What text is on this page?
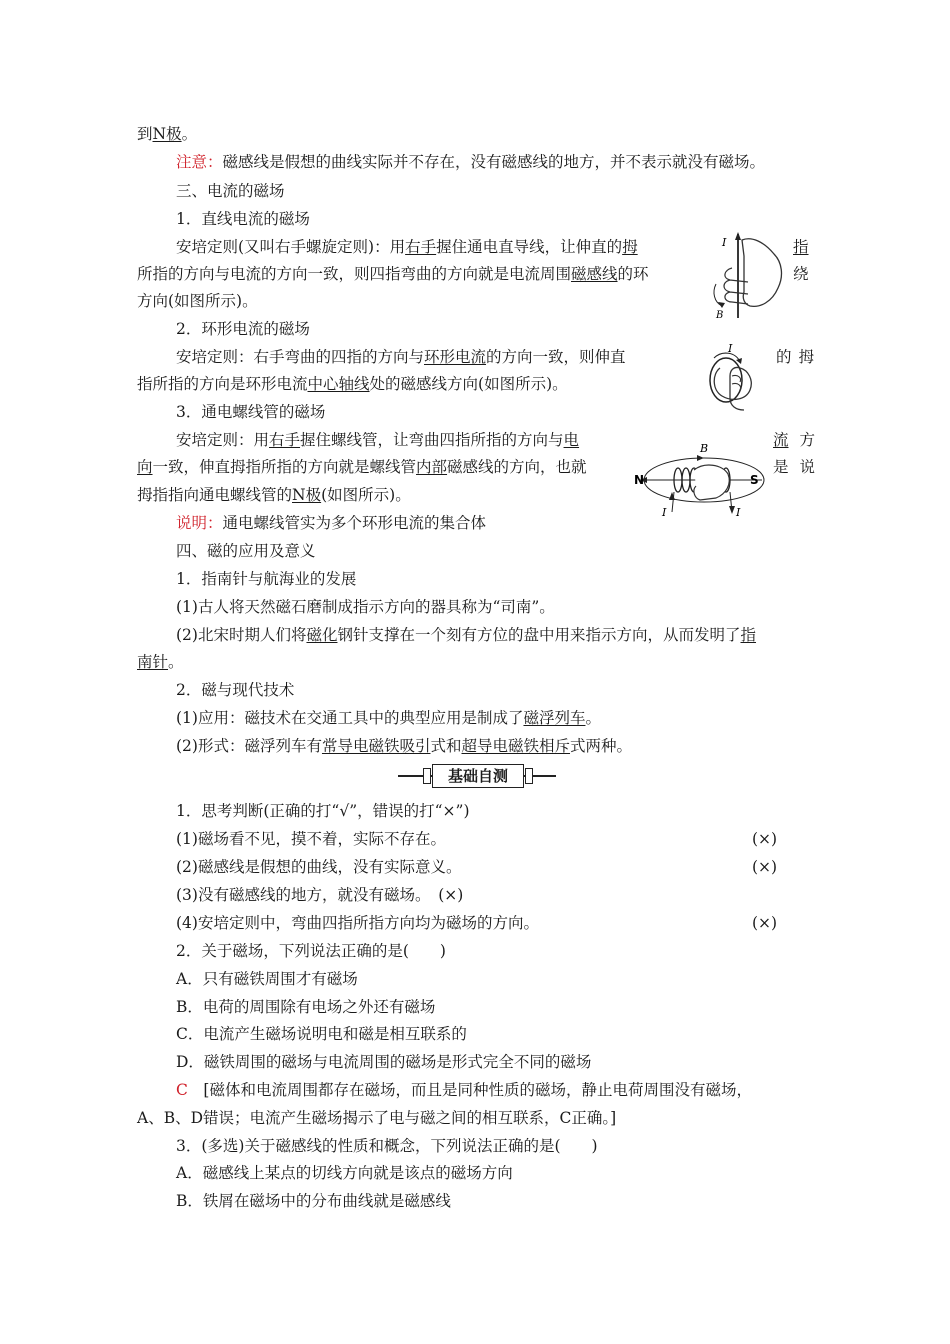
到N极。
注意：磁感线是假想的曲线实际并不存在，没有磁感线的地方，并不表示就没有磁场。
三、电流的磁场
1．直线电流的磁场
安培定则(又叫右手螺旋定则)：用右手握住通电直导线，让伸直的拇	指
所指的方向与电流的方向一致，则四指弯曲的方向就是电流周围磁感线的环	绕
方向(如图所示)。
I
B
2．环形电流的磁场
安培定则：右手弯曲的四指的方向与环形电流的方向一致，则伸直	的 拇
指所指的方向是环形电流中心轴线处的磁感线方向(如图所示)。
I
3．通电螺线管的磁场
安培定则：用右手握住螺线管，让弯曲四指所指的方向与电	流 方
向一致，伸直拇指所指的方向就是螺线管内部磁感线的方向，也就	是 说
拇指指向通电螺线管的N极(如图所示)。
B
N	S
I	I
说明：通电螺线管实为多个环形电流的集合体
四、磁的应用及意义
1．指南针与航海业的发展
(1)古人将天然磁石磨制成指示方向的器具称为“司南”。
(2)北宋时期人们将磁化钢针支撑在一个刻有方位的盘中用来指示方向，从而发明了指
南针。
2．磁与现代技术
(1)应用：磁技术在交通工具中的典型应用是制成了磁浮列车。
(2)形式：磁浮列车有常导电磁铁吸引式和超导电磁铁相斥式两种。
基础自测
1．思考判断(正确的打“√”，错误的打“×”)
(1)磁场看不见，摸不着，实际不存在。	(×)
(2)磁感线是假想的曲线，没有实际意义。	(×)
(3)没有磁感线的地方，就没有磁场。　(×)
(4)安培定则中，弯曲四指所指方向均为磁场的方向。	(×)
2．关于磁场，下列说法正确的是(　　)
A．只有磁铁周围才有磁场
B．电荷的周围除有电场之外还有磁场
C．电流产生磁场说明电和磁是相互联系的
D．磁铁周围的磁场与电流周围的磁场是形式完全不同的磁场
C　 [磁体和电流周围都存在磁场，而且是同种性质的磁场，静止电荷周围没有磁场，
A、B、D错误；电流产生磁场揭示了电与磁之间的相互联系，C正确。]
3．(多选)关于磁感线的性质和概念，下列说法正确的是(　　)
A．磁感线上某点的切线方向就是该点的磁场方向
B．铁屑在磁场中的分布曲线就是磁感线
